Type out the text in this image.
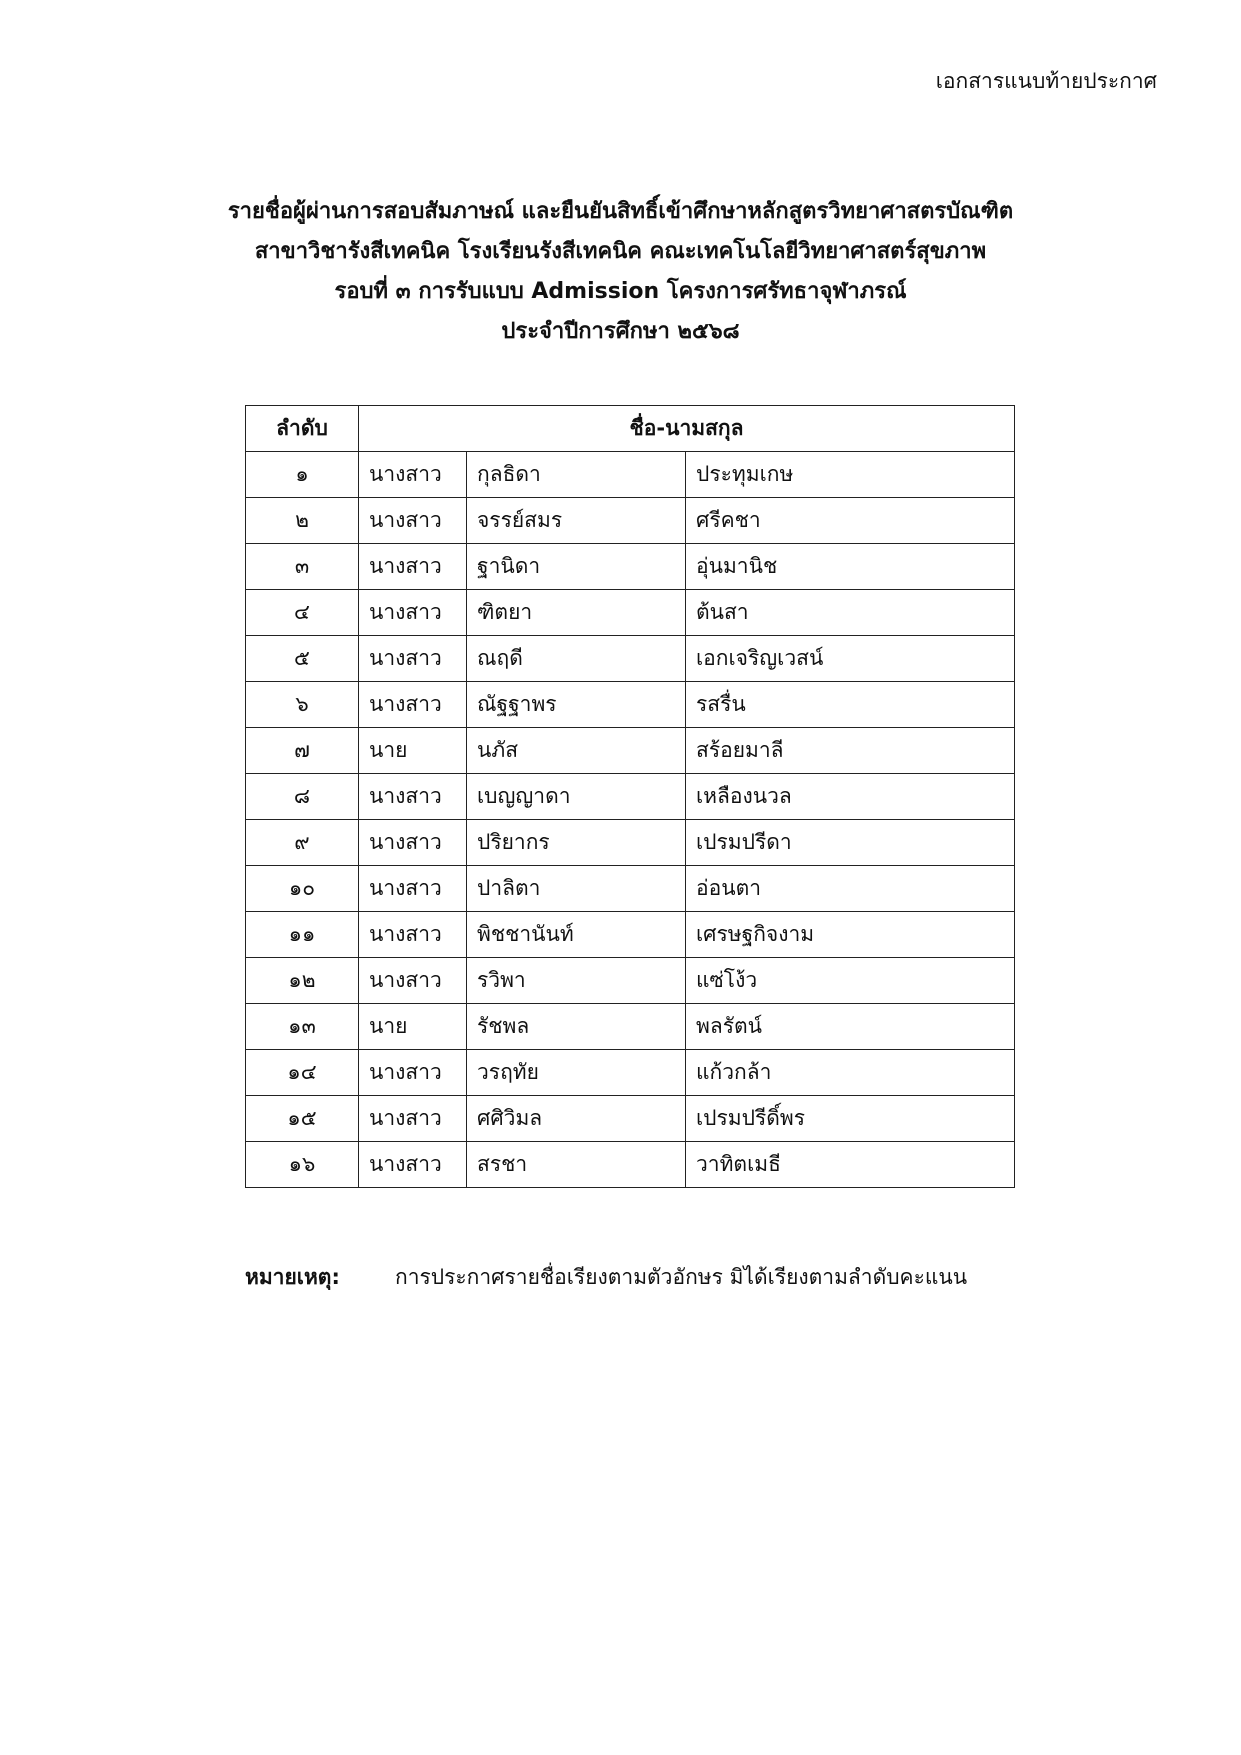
เอกสารแนบท้ายประกาศ
รายชื่อผู้ผ่านการสอบสัมภาษณ์ และยืนยันสิทธิ์เข้าศึกษาหลักสูตรวิทยาศาสตรบัณฑิต
สาขาวิชารังสีเทคนิค โรงเรียนรังสีเทคนิค คณะเทคโนโลยีวิทยาศาสตร์สุขภาพ
รอบที่ ๓ การรับแบบ Admission โครงการศรัทธาจุฬาภรณ์
ประจำปีการศึกษา ๒๕๖๘
ลำดับ	ชื่อ-นามสกุล		
๑	นางสาว	กุลธิดา	ประทุมเกษ
๒	นางสาว	จรรย์สมร	ศรีคชา
๓	นางสาว	ฐานิดา	อุ่นมานิช
๔	นางสาว	ฑิตยา	ต้นสา
๕	นางสาว	ณฤดี	เอกเจริญเวสน์
๖	นางสาว	ณัฐฐาพร	รสรื่น
๗	นาย	นภัส	สร้อยมาลี
๘	นางสาว	เบญญาดา	เหลืองนวล
๙	นางสาว	ปริยากร	เปรมปรีดา
๑๐	นางสาว	ปาลิตา	อ่อนตา
๑๑	นางสาว	พิชชานันท์	เศรษฐกิจงาม
๑๒	นางสาว	รวิพา	แซ่โง้ว
๑๓	นาย	รัชพล	พลรัตน์
๑๔	นางสาว	วรฤทัย	แก้วกล้า
๑๕	นางสาว	ศศิวิมล	เปรมปรีดิ์พร
๑๖	นางสาว	สรชา	วาทิตเมธี
หมายเหตุ:	การประกาศรายชื่อเรียงตามตัวอักษร มิได้เรียงตามลำดับคะแนน
